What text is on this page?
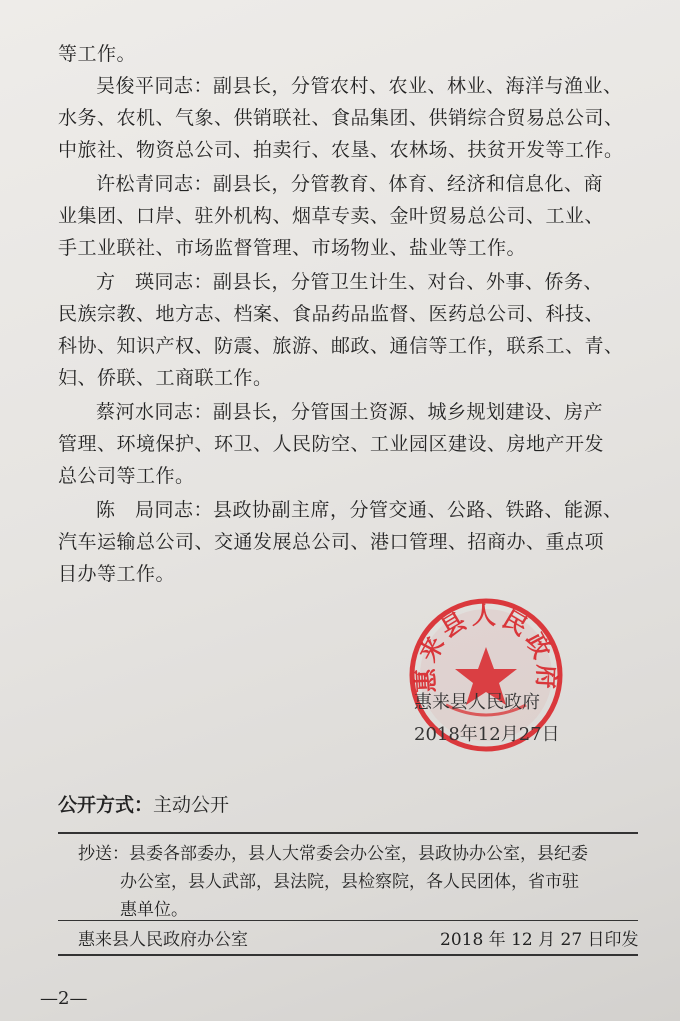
等工作。
吴俊平同志：副县长，分管农村、农业、林业、海洋与渔业、
水务、农机、气象、供销联社、食品集团、供销综合贸易总公司、
中旅社、物资总公司、拍卖行、农垦、农林场、扶贫开发等工作。
许松青同志：副县长，分管教育、体育、经济和信息化、商
业集团、口岸、驻外机构、烟草专卖、金叶贸易总公司、工业、
手工业联社、市场监督管理、市场物业、盐业等工作。
方　瑛同志：副县长，分管卫生计生、对台、外事、侨务、
民族宗教、地方志、档案、食品药品监督、医药总公司、科技、
科协、知识产权、防震、旅游、邮政、通信等工作，联系工、青、
妇、侨联、工商联工作。
蔡河水同志：副县长，分管国土资源、城乡规划建设、房产
管理、环境保护、环卫、人民防空、工业园区建设、房地产开发
总公司等工作。
陈　局同志：县政协副主席，分管交通、公路、铁路、能源、
汽车运输总公司、交通发展总公司、港口管理、招商办、重点项
目办等工作。
惠来县人民政府
惠来县人民政府
2018年12月27日
公开方式：主动公开
抄送：县委各部委办，县人大常委会办公室，县政协办公室，县纪委
办公室，县人武部，县法院，县检察院，各人民团体，省市驻
惠单位。
惠来县人民政府办公室	2018 年 12 月 27 日印发
—2—
